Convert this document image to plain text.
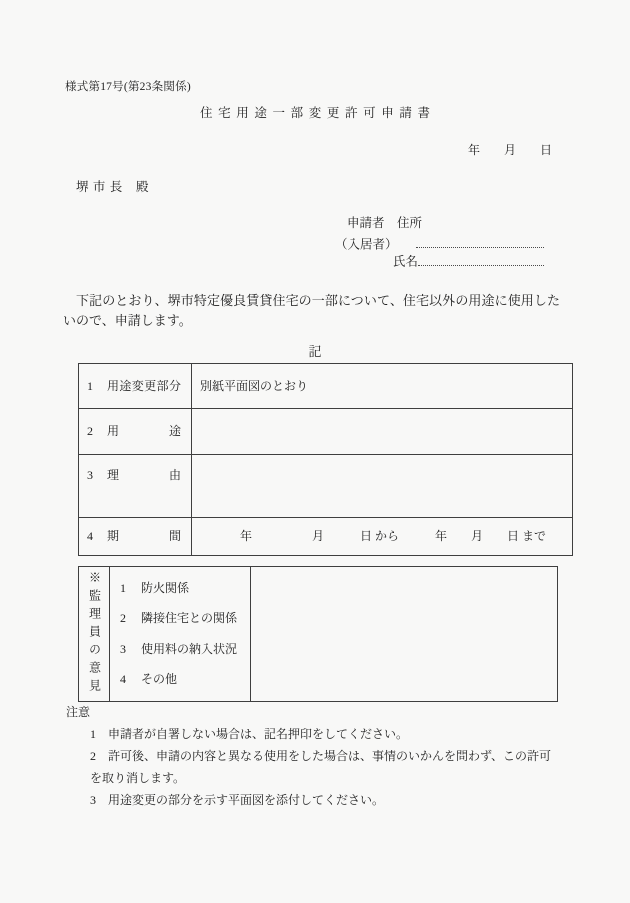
様式第17号(第23条関係)
住宅用途一部変更許可申請書
年　　月　　日
堺 市 長　殿
申請者　 住所
（入居者）
氏名
下記のとおり、堺市特定優良賃貸住宅の一部について、住宅以外の用途に使用したいので、申請します。
記
1 用途変更部分	別紙平面図のとおり
2 用途	
3 理由	
4 期間	年　　　　　月　　　日 から　　　年　　月　　日 まで
※監理員の意見	1 防火関係
2 隣接住宅との関係
3 使用料の納入状況
4 その他

注意

1 申請者が自署しない場合は、記名押印をしてください。

2 許可後、申請の内容と異なる使用をした場合は、事情のいかんを問わず、この許可を取り消します。

3 用途変更の部分を示す平面図を添付してください。
